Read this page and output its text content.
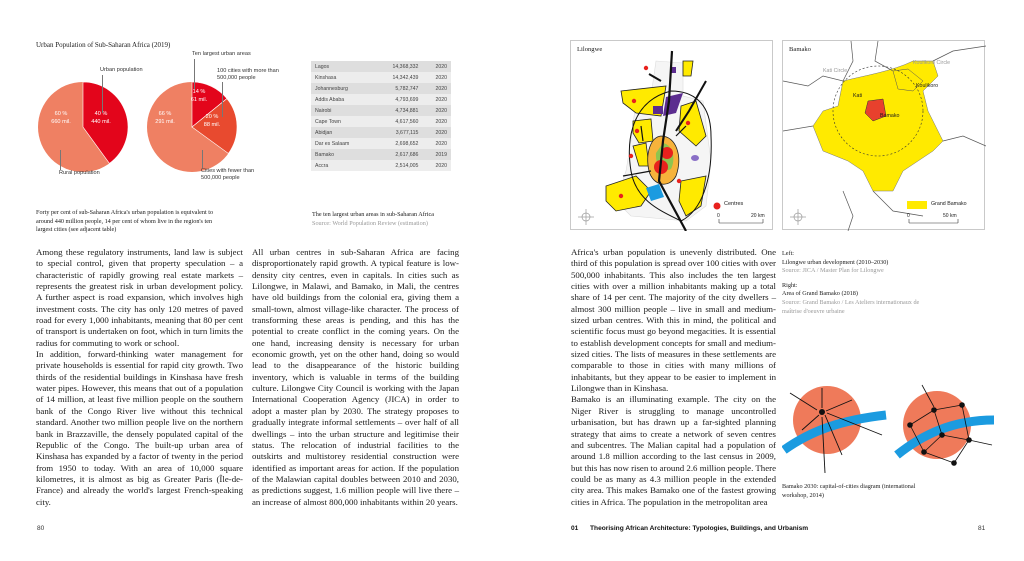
Urban Population of Sub-Saharan Africa (2019)
60 %
660 mil.
40 %
440 mil.
Urban population
Rural population
14 %
61 mil.
20 %
88 mil.
66 %
291 mil.
Ten largest urban areas
100 cities with more than 500,000 people
Cities with fewer than 500,000 people
Forty per cent of sub-Saharan Africa's urban population is equivalent to around 440 million people, 14 per cent of whom live in the region's ten largest cities (see adjacent table)
Lagos	14,368,332	2020
Kinshasa	14,342,439	2020
Johannesburg	5,782,747	2020
Addis Ababa	4,793,699	2020
Nairobi	4,734,881	2020
Cape Town	4,617,560	2020
Abidjan	3,677,115	2020
Dar es Salaam	2,698,652	2020
Bamako	2,617,686	2019
Accra	2,514,005	2020
The ten largest urban areas in sub-Saharan Africa
Source: World Population Review (estimation)

Among these regulatory instruments, land law is subject to special control, given that property speculation – a characteristic of rapidly growing real estate markets – represents the greatest risk in urban development policy. A further aspect is road expansion, which involves high investment costs. The city has only 120 metres of paved road for every 1,000 inhabitants, meaning that 80 per cent of transport is undertaken on foot, which in turn limits the radius for commuting to work or school.

In addition, forward-thinking water management for private households is essential for rapid city growth. Two thirds of the residential buildings in Kinshasa have fresh water pipes. However, this means that out of a population of 14 million, at least five million people on the southern bank of the Congo River live without this technical standard. Another two million people live on the northern bank in Brazzaville, the densely populated capital of the Republic of the Congo. The built-up urban area of Kinshasa has expanded by a factor of twenty in the period from 1950 to today. With an area of 10,000 square kilometres, it is almost as big as Greater Paris (Île-de-France) and already the world's largest French-speaking city.

All urban centres in sub-Saharan Africa are facing disproportionately rapid growth. A typical feature is low-density city centres, even in capitals. In cities such as Lilongwe, in Malawi, and Bamako, in Mali, the centres have old buildings from the colonial era, giving them a small-town, almost village-like character. The process of transforming these areas is pending, and this has the potential to create conflict in the coming years. On the one hand, increasing density is necessary for urban economic growth, yet on the other hand, doing so would lead to the disappearance of the historic building inventory, which is valuable in terms of the building culture. Lilongwe City Council is working with the Japan International Cooperation Agency (JICA) in order to adopt a master plan by 2030. The strategy proposes to gradually integrate informal settlements – over half of all dwellings – into the urban structure and legitimise their status. The relocation of industrial facilities to the outskirts and multistorey residential construction were identified as important areas for action. If the population of the Malawian capital doubles between 2010 and 2030, as predictions suggest, 1.6 million people will live there – an increase of almost 800,000 inhabitants within 20 years.

80
Lilongwe
Centres
0	20 km
Bamako
Kati Circle
Koulikoro Circle
Kati
Koulikoro
Bamako
Grand Bamako
0	50 km

Africa's urban population is unevenly distributed. One third of this population is spread over 100 cities with over 500,000 inhabitants. This also includes the ten largest cities with over a million inhabitants making up a total share of 14 per cent. The majority of the city dwellers – almost 300 million people – live in small and medium-sized urban centres. With this in mind, the political and scientific focus must go beyond megacities. It is essential to establish development concepts for small and medium-sized cities. The lists of measures in these settlements are comparable to those in cities with many millions of inhabitants, but they appear to be easier to implement in Lilongwe than in Kinshasa.

Bamako is an illuminating example. The city on the Niger River is struggling to manage uncontrolled urbanisation, but has drawn up a far-sighted planning strategy that aims to create a network of seven centres and subcentres. The Malian capital had a population of around 1.8 million according to the last census in 2009, but this has now risen to around 2.6 million people. There could be as many as 4.3 million people in the extended city area. This makes Bamako one of the fastest growing cities in Africa. The population in the metropolitan area

Left:
Lilongwe urban development (2010–2030)
Source: JICA / Master Plan for Lilongwe
Right:
Area of Grand Bamako (2018)
Source: Grand Bamako / Les Ateliers internationaux de maîtrise d'oeuvre urbaine
Bamako 2030: capital-of-cities diagram (international workshop, 2014)
01 Theorising African Architecture: Typologies, Buildings, and Urbanism	81
